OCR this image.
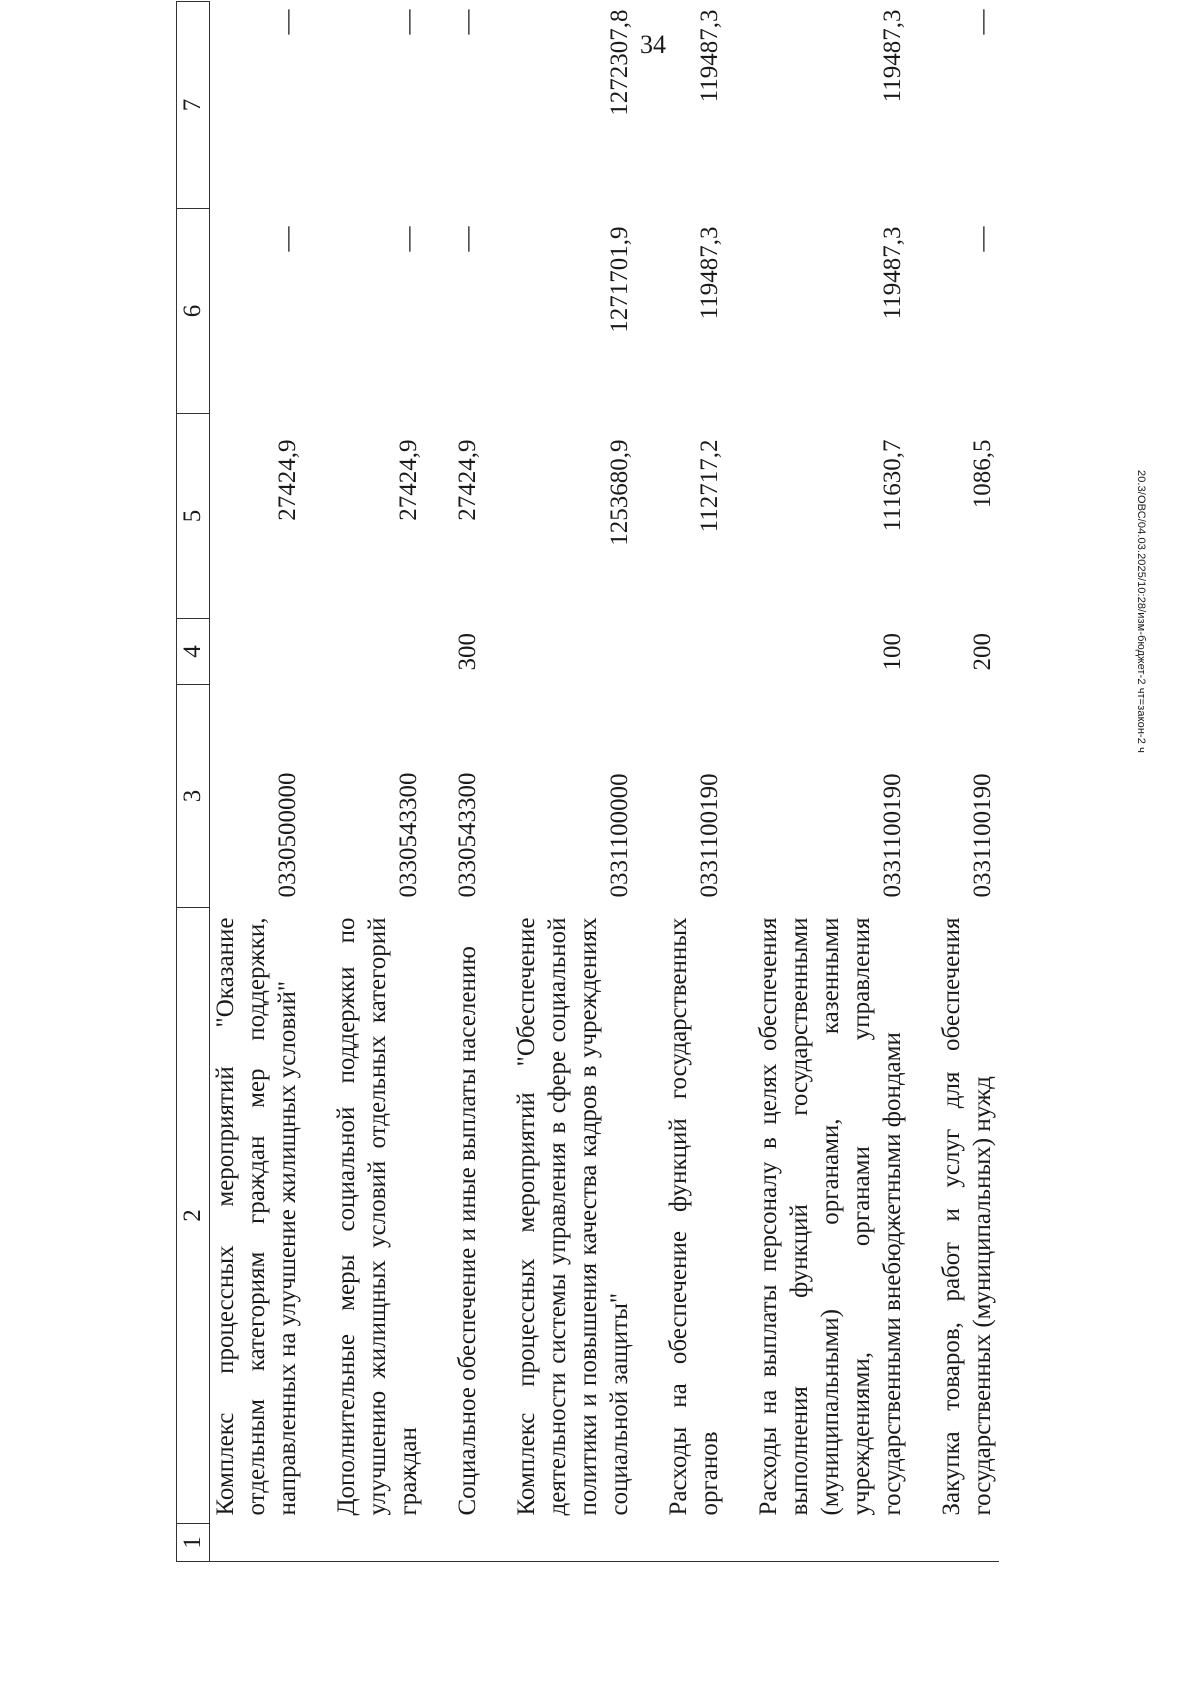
34
20.3/ОВС/04.03.2025/10:28/изм-бюджет-2 чт=закон-2 ч
1	2	3	4	5	6	7
	Комплекс процессных мероприятий "Оказание отдельным категориям граждан мер поддержки, направленных на улучшение жилищных условий"	0330500000		27424,9	—	—

	Дополнительные меры социальной поддержки по улучшению жилищных условий отдельных категорий граждан	0330543300		27424,9	—	—

	Социальное обеспечение и иные выплаты населению	0330543300	300	27424,9	—	—

	Комплекс процессных мероприятий "Обеспечение деятельности системы управления в сфере социальной политики и повышения качества кадров в учреждениях социальной защиты"	0331100000		1253680,9	1271701,9	1272307,8

	Расходы на обеспечение функций государственных органов	0331100190		112717,2	119487,3	119487,3

	Расходы на выплаты персоналу в целях обеспечения выполнения функций государственными (муниципальными) органами, казенными учреждениями, органами управления государственными внебюджетными фондами	0331100190	100	111630,7	119487,3	119487,3

	Закупка товаров, работ и услуг для обеспечения государственных (муниципальных) нужд	0331100190	200	1086,5	—	—
